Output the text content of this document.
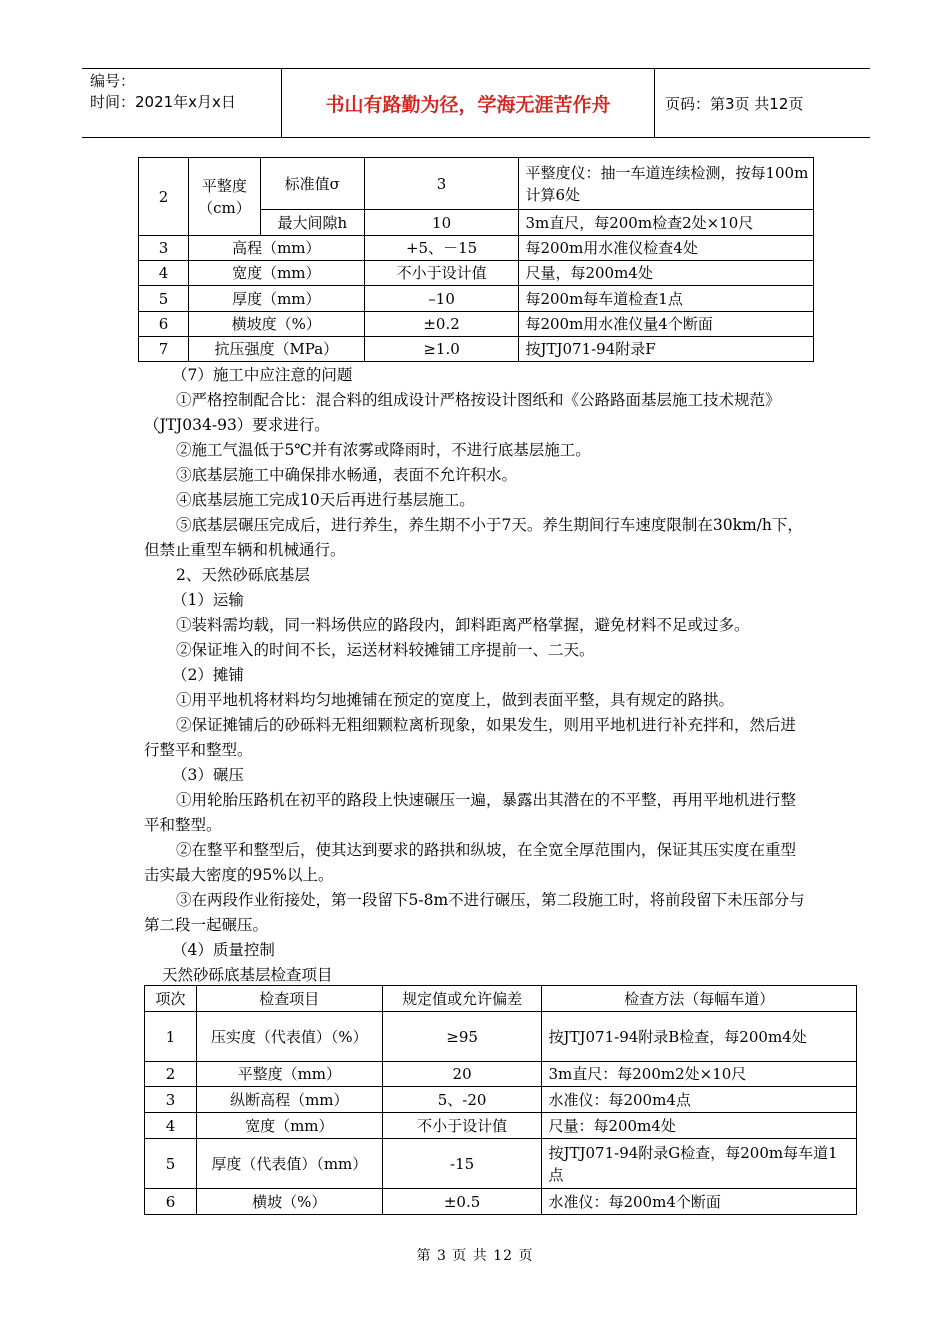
编号：
时间：2021年x月x日	书山有路勤为径，学海无涯苦作舟	页码：第3页 共12页
2	平整度（cm）	标准值σ	3	平整度仪：抽一车道连续检测，按每100m计算6处
		最大间隙h	10	3m直尺，每200m检查2处×10尺
3	高程（mm）		+5、－15	每200m用水准仪检查4处
4	宽度（mm）		不小于设计值	尺量，每200m4处
5	厚度（mm）		–10	每200m每车道检查1点
6	横坡度（%）		±0.2	每200m用水准仪量4个断面
7	抗压强度（MPa）		≥1.0	按JTJ071-94附录F

（7）施工中应注意的问题

①严格控制配合比：混合料的组成设计严格按设计图纸和《公路路面基层施工技术规范》（JTJ034-93）要求进行。

②施工气温低于5℃并有浓雾或降雨时，不进行底基层施工。

③底基层施工中确保排水畅通，表面不允许积水。

④底基层施工完成10天后再进行基层施工。

⑤底基层碾压完成后，进行养生，养生期不小于7天。养生期间行车速度限制在30km/h下，但禁止重型车辆和机械通行。

2、天然砂砾底基层

（1）运输

①装料需均载，同一料场供应的路段内，卸料距离严格掌握，避免材料不足或过多。

②保证堆入的时间不长，运送材料较摊铺工序提前一、二天。

（2）摊铺

①用平地机将材料均匀地摊铺在预定的宽度上，做到表面平整，具有规定的路拱。

②保证摊铺后的砂砾料无粗细颗粒离析现象，如果发生，则用平地机进行补充拌和，然后进行整平和整型。

（3）碾压

①用轮胎压路机在初平的路段上快速碾压一遍，暴露出其潜在的不平整，再用平地机进行整平和整型。

②在整平和整型后，使其达到要求的路拱和纵坡，在全宽全厚范围内，保证其压实度在重型击实最大密度的95%以上。

③在两段作业衔接处，第一段留下5-8m不进行碾压，第二段施工时，将前段留下未压部分与第二段一起碾压。

（4）质量控制

天然砂砾底基层检查项目

项次	检查项目	规定值或允许偏差	检查方法（每幅车道）
1	压实度（代表值）（%）	≥95	按JTJ071-94附录B检查，每200m4处
2	平整度（mm）	20	3m直尺：每200m2处×10尺
3	纵断高程（mm）	5、-20	水准仪：每200m4点
4	宽度（mm）	不小于设计值	尺量：每200m4处
5	厚度（代表值）（mm）	-15	按JTJ071-94附录G检查，每200m每车道1点
6	横坡（%）	±0.5	水准仪：每200m4个断面
第 3 页 共 12 页
